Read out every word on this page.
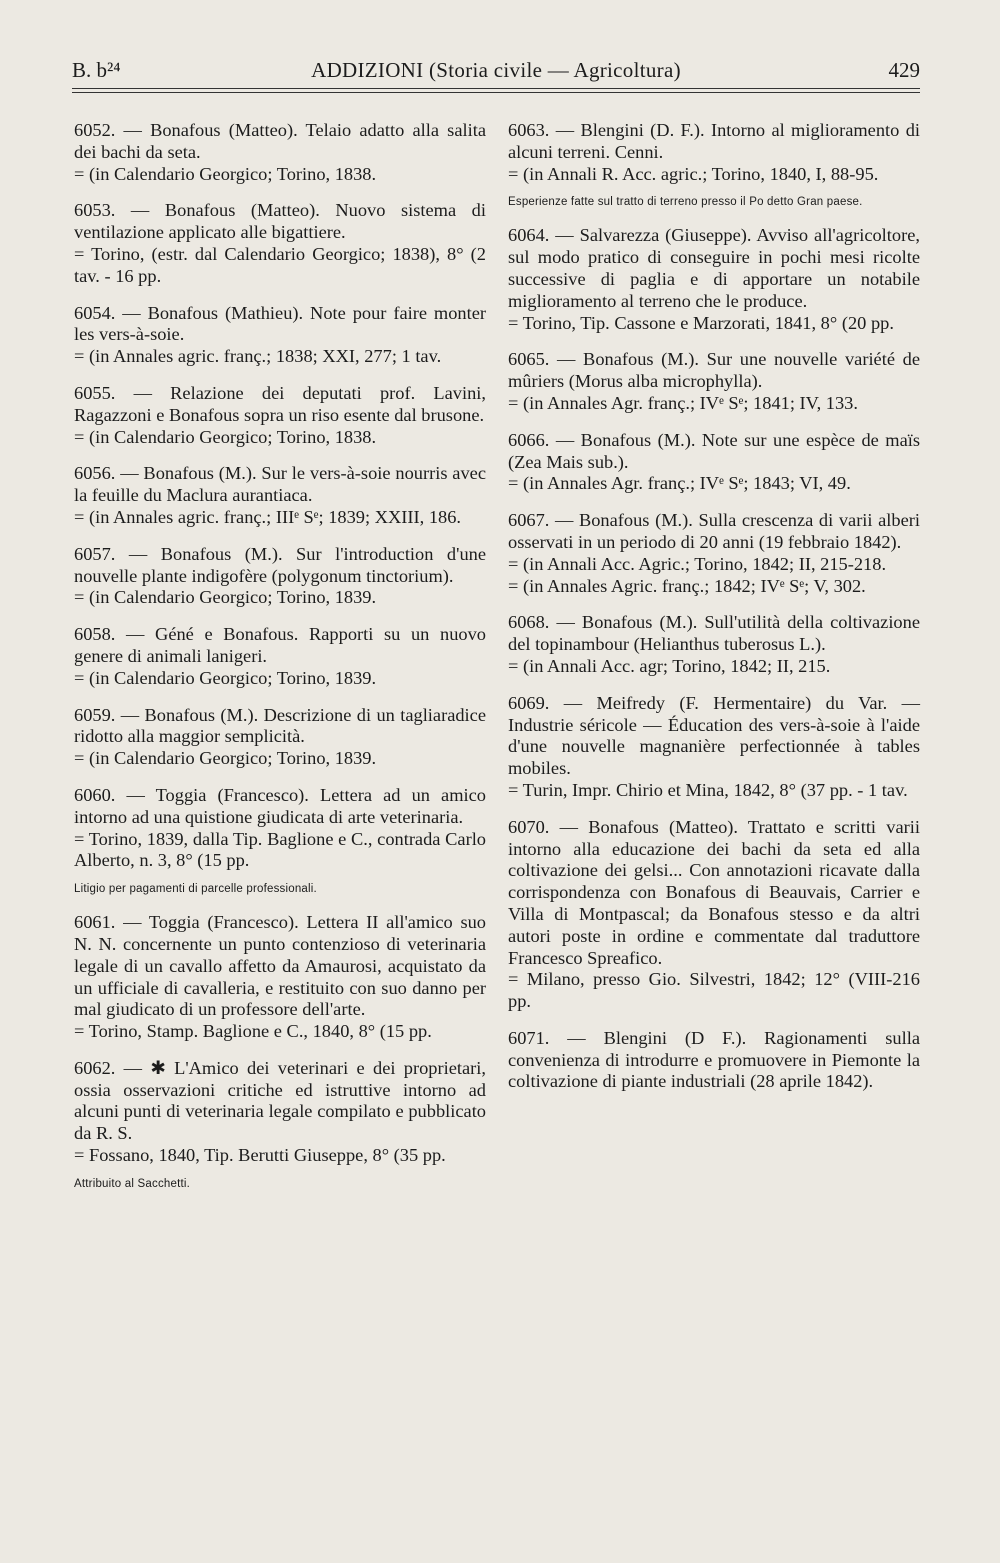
B. b²⁴	ADDIZIONI (Storia civile — Agricoltura)	429

6052. — Bonafous (Matteo). Telaio adatto alla salita dei bachi da seta.

= (in Calendario Georgico; Torino, 1838.

6053. — Bonafous (Matteo). Nuovo sistema di ventilazione applicato alle bigattiere.

= Torino, (estr. dal Calendario Georgico; 1838), 8° (2 tav. - 16 pp.

6054. — Bonafous (Mathieu). Note pour faire monter les vers-à-soie.

= (in Annales agric. franç.; 1838; XXI, 277; 1 tav.

6055. — Relazione dei deputati prof. Lavini, Ragazzoni e Bonafous sopra un riso esente dal brusone.

= (in Calendario Georgico; Torino, 1838.

6056. — Bonafous (M.). Sur le vers-à-soie nourris avec la feuille du Maclura aurantiaca.

= (in Annales agric. franç.; IIIᵉ Sᵉ; 1839; XXIII, 186.

6057. — Bonafous (M.). Sur l'introduction d'une nouvelle plante indigofère (polygonum tinctorium).

= (in Calendario Georgico; Torino, 1839.

6058. — Géné e Bonafous. Rapporti su un nuovo genere di animali lanigeri.

= (in Calendario Georgico; Torino, 1839.

6059. — Bonafous (M.). Descrizione di un tagliaradice ridotto alla maggior semplicità.

= (in Calendario Georgico; Torino, 1839.

6060. — Toggia (Francesco). Lettera ad un amico intorno ad una quistione giudicata di arte veterinaria.

= Torino, 1839, dalla Tip. Baglione e C., contrada Carlo Alberto, n. 3, 8° (15 pp.

Litigio per pagamenti di parcelle professionali.

6061. — Toggia (Francesco). Lettera II all'amico suo N. N. concernente un punto contenzioso di veterinaria legale di un cavallo affetto da Amaurosi, acquistato da un ufficiale di cavalleria, e restituito con suo danno per mal giudicato di un professore dell'arte.

= Torino, Stamp. Baglione e C., 1840, 8° (15 pp.

6062. — ✱ L'Amico dei veterinari e dei proprietari, ossia osservazioni critiche ed istruttive intorno ad alcuni punti di veterinaria legale compilato e pubblicato da R. S.

= Fossano, 1840, Tip. Berutti Giuseppe, 8° (35 pp.

Attribuito al Sacchetti.

6063. — Blengini (D. F.). Intorno al miglioramento di alcuni terreni. Cenni.

= (in Annali R. Acc. agric.; Torino, 1840, I, 88-95.

Esperienze fatte sul tratto di terreno presso il Po detto Gran paese.

6064. — Salvarezza (Giuseppe). Avviso all'agricoltore, sul modo pratico di conseguire in pochi mesi ricolte successive di paglia e di apportare un notabile miglioramento al terreno che le produce.

= Torino, Tip. Cassone e Marzorati, 1841, 8° (20 pp.

6065. — Bonafous (M.). Sur une nouvelle variété de mûriers (Morus alba microphylla).

= (in Annales Agr. franç.; IVᵉ Sᵉ; 1841; IV, 133.

6066. — Bonafous (M.). Note sur une espèce de maïs (Zea Mais sub.).

= (in Annales Agr. franç.; IVᵉ Sᵉ; 1843; VI, 49.

6067. — Bonafous (M.). Sulla crescenza di varii alberi osservati in un periodo di 20 anni (19 febbraio 1842).

= (in Annali Acc. Agric.; Torino, 1842; II, 215-218.

= (in Annales Agric. franç.; 1842; IVᵉ Sᵉ; V, 302.

6068. — Bonafous (M.). Sull'utilità della coltivazione del topinambour (Helianthus tuberosus L.).

= (in Annali Acc. agr; Torino, 1842; II, 215.

6069. — Meifredy (F. Hermentaire) du Var. — Industrie séricole — Éducation des vers-à-soie à l'aide d'une nouvelle magnanière perfectionnée à tables mobiles.

= Turin, Impr. Chirio et Mina, 1842, 8° (37 pp. - 1 tav.

6070. — Bonafous (Matteo). Trattato e scritti varii intorno alla educazione dei bachi da seta ed alla coltivazione dei gelsi... Con annotazioni ricavate dalla corrispondenza con Bonafous di Beauvais, Carrier e Villa di Montpascal; da Bonafous stesso e da altri autori poste in ordine e commentate dal traduttore Francesco Spreafico.

= Milano, presso Gio. Silvestri, 1842; 12° (VIII-216 pp.

6071. — Blengini (D F.). Ragionamenti sulla convenienza di introdurre e promuovere in Piemonte la coltivazione di piante industriali (28 aprile 1842).
